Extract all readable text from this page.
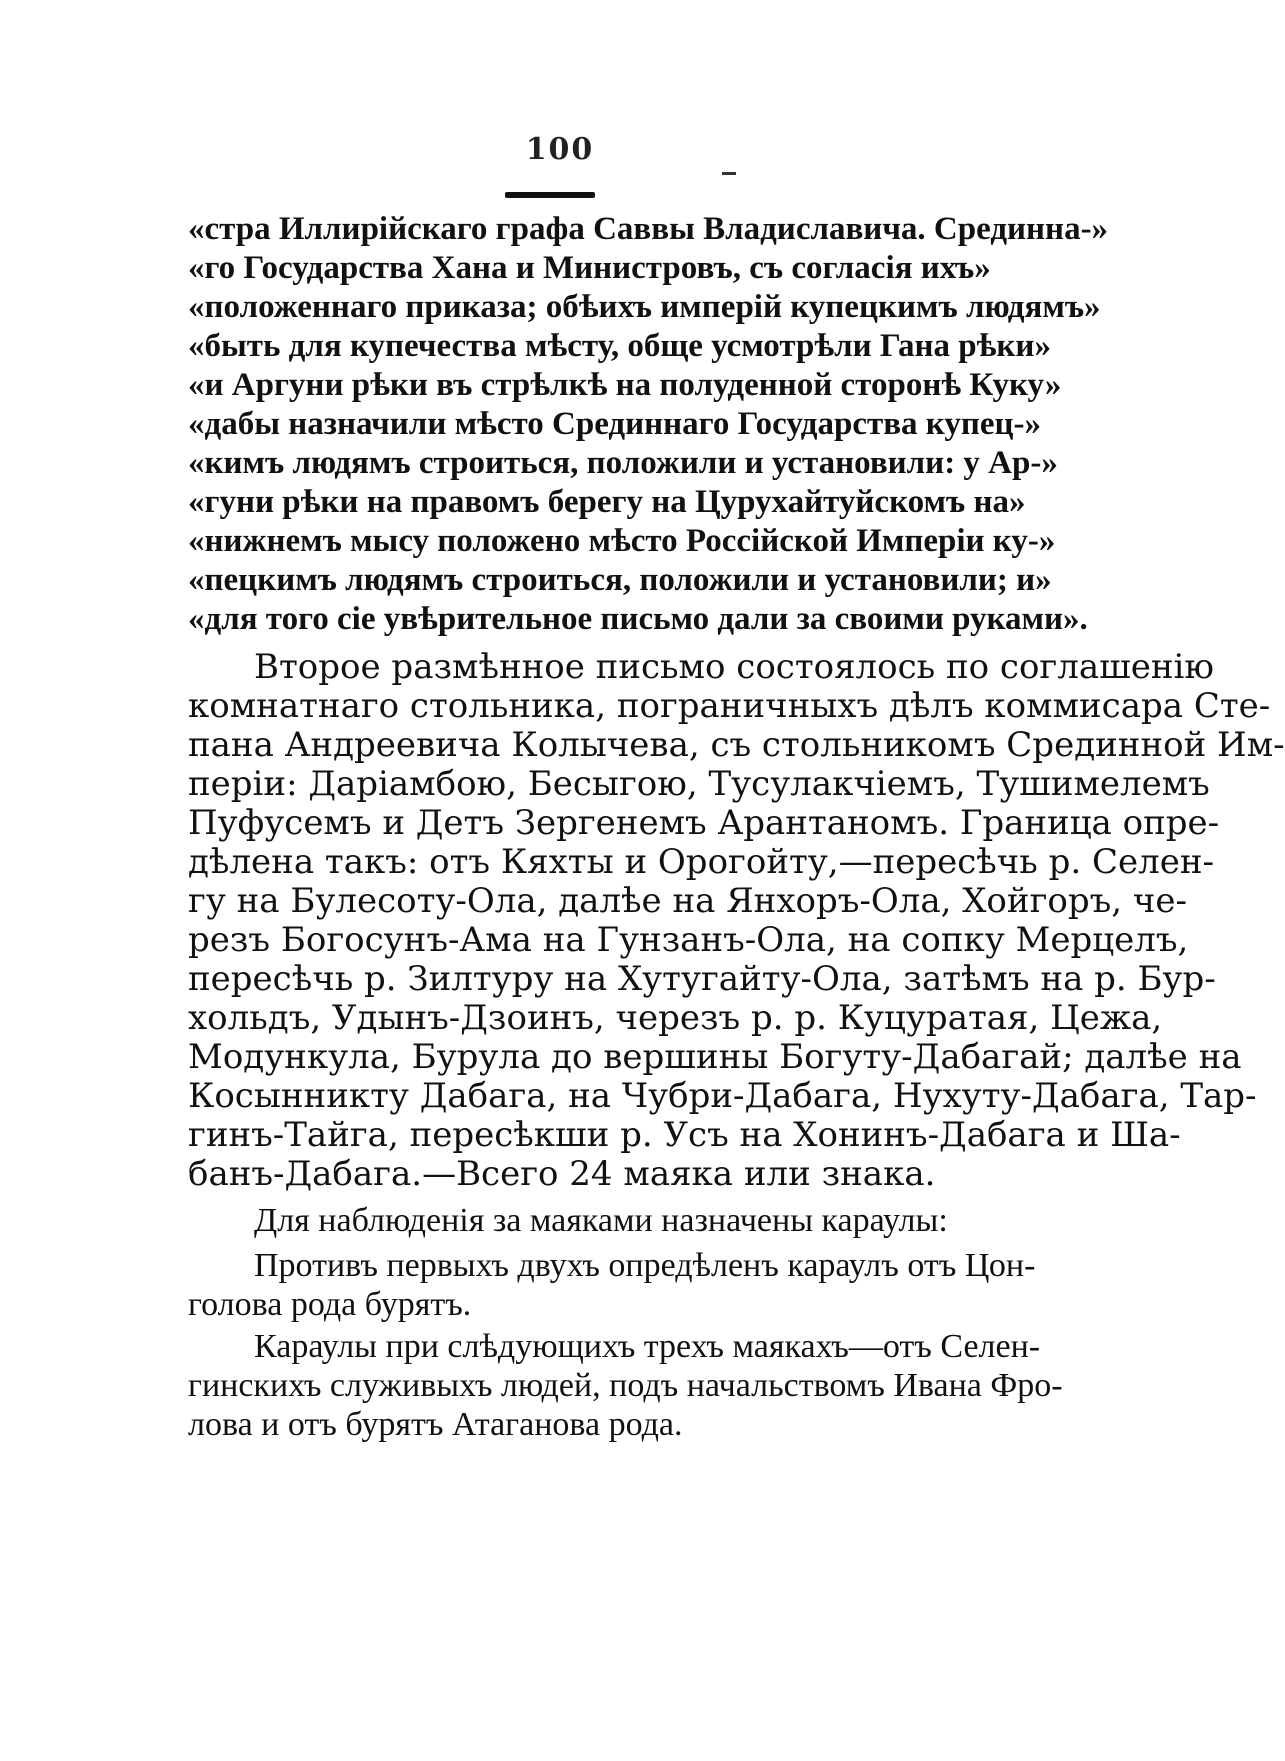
100
«стра Иллирійскаго графа Саввы Владиславича. Срединна-»
«го Государства Хана и Министровъ, съ согласія ихъ»
«положеннаго приказа; обѣихъ имперій купецкимъ людямъ»
«быть для купечества мѣсту, обще усмотрѣли Гана рѣки»
«и Аргуни рѣки въ стрѣлкѣ на полуденной сторонѣ Куку»
«дабы назначили мѣсто Срединнаго Государства купец-»
«кимъ людямъ строиться, положили и установили: у Ар-»
«гуни рѣки на правомъ берегу на Цурухайтуйскомъ на»
«нижнемъ мысу положено мѣсто Россійской Имперіи ку-»
«пецкимъ людямъ строиться, положили и установили; и»
«для того сіе увѣрительное письмо дали за своими руками».
Второе размѣнное письмо состоялось по соглашенію
комнатнаго стольника, пограничныхъ дѣлъ коммисара Сте-
пана Андреевича Колычева, съ стольникомъ Срединной Им-
періи: Даріамбою, Бесыгою, Тусулакчіемъ, Тушимелемъ
Пуфусемъ и Детъ Зергенемъ Арантаномъ. Граница опре-
дѣлена такъ: отъ Кяхты и Орогойту,—пересѣчь р. Селен-
гу на Булесоту-Ола, далѣе на Янхоръ-Ола, Хойгоръ, че-
резъ Богосунъ-Ама на Гунзанъ-Ола, на сопку Мерцелъ,
пересѣчь р. Зилтуру на Хутугайту-Ола, затѣмъ на р. Бур-
хольдъ, Удынъ-Дзоинъ, черезъ р. р. Куцуратая, Цежа,
Модункула, Бурула до вершины Богуту-Дабагай; далѣе на
Косынникту Дабага, на Чубри-Дабага, Нухуту-Дабага, Тар-
гинъ-Тайга, пересѣкши р. Усъ на Хонинъ-Дабага и Ша-
банъ-Дабага.—Всего 24 маяка или знака.
Для наблюденія за маяками назначены караулы:
Противъ первыхъ двухъ опредѣленъ караулъ отъ Цон-
голова рода бурятъ.
Караулы при слѣдующихъ трехъ маякахъ—отъ Селен-
гинскихъ служивыхъ людей, подъ начальствомъ Ивана Фро-
лова и отъ бурятъ Атаганова рода.
